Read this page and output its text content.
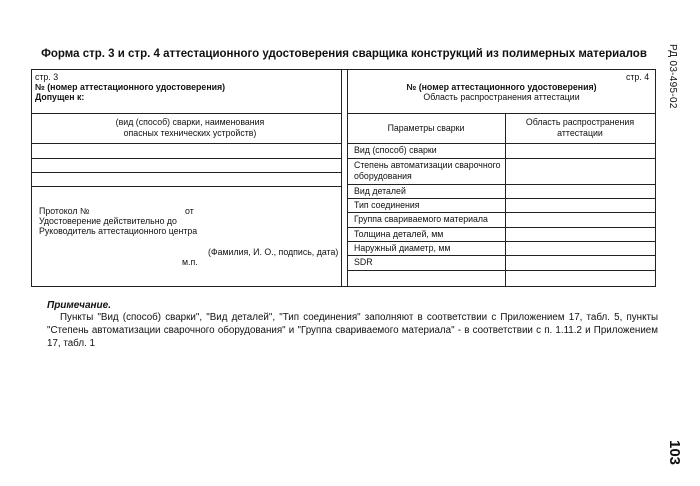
Форма стр. 3 и стр. 4 аттестационного удостоверения сварщика конструкций из полимерных материалов	РД 03-495-02
103
стр. 3
№ (номер аттестационного удостоверения)
Допущен к:
(вид (способ) сварки, наименования опасных технических устройств)
Протокол №	от
Удостоверение действительно до
Руководитель аттестационного центра
(Фамилия, И. О., подпись, дата)
м.п.
стр. 4
№ (номер аттестационного удостоверения)
Область распространения аттестации
Параметры сварки
Область распространения аттестации
Вид (способ) сварки
Степень автоматизации сварочного оборудования
Вид деталей
Тип соединения
Группа свариваемого материала
Толщина деталей, мм
Наружный диаметр, мм
SDR
Примечание.
Пункты "Вид (способ) сварки", "Вид деталей", "Тип соединения" заполняют в соответствии с Приложением 17, табл. 5, пункты "Степень автоматизации сварочного оборудования" и "Группа свариваемого материала" - в соответствии с п. 1.11.2 и Приложением 17, табл. 1
